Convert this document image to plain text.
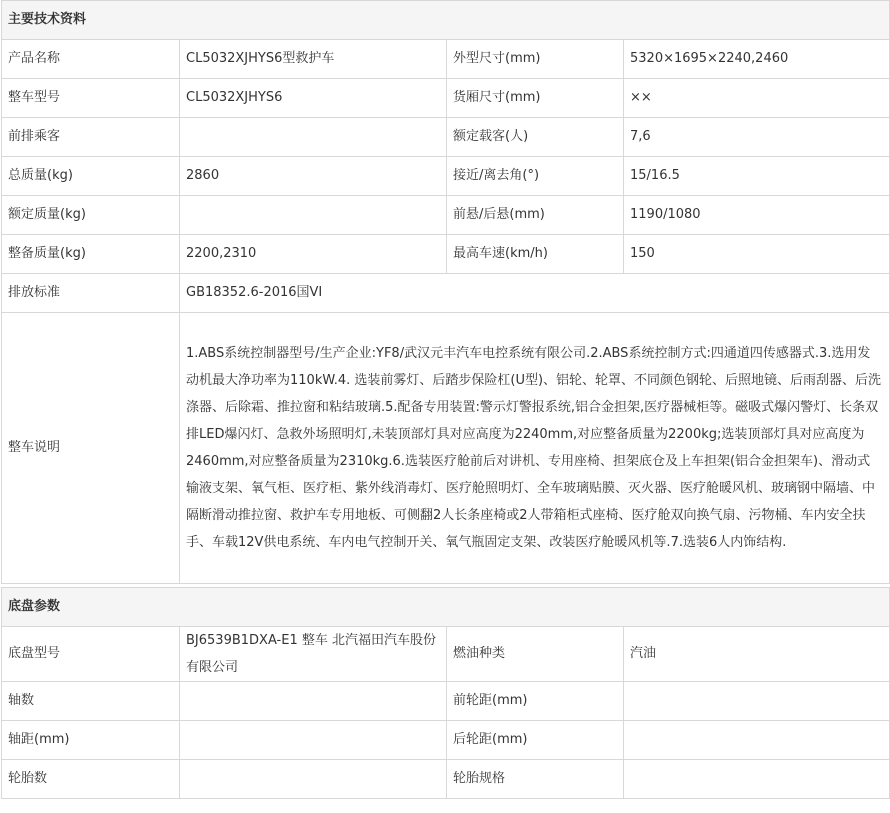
主要技术资料			
产品名称	CL5032XJHYS6型救护车	外型尺寸(mm)	5320×1695×2240,2460
整车型号	CL5032XJHYS6	货厢尺寸(mm)	××
前排乘客		额定载客(人)	7,6
总质量(kg)	2860	接近/离去角(°)	15/16.5
额定质量(kg)		前悬/后悬(mm)	1190/1080
整备质量(kg)	2200,2310	最高车速(km/h)	150
排放标准	GB18352.6-2016国VI		
整车说明	1.ABS系统控制器型号/生产企业:YF8/武汉元丰汽车电控系统有限公司.2.ABS系统控制方式:四通道四传感器式.3.选用发动机最大净功率为110kW.4. 选装前雾灯、后踏步保险杠(U型)、铝轮、轮罩、不同颜色钢轮、后照地镜、后雨刮器、后洗涤器、后除霜、推拉窗和粘结玻璃.5.配备专用装置:警示灯警报系统,铝合金担架,医疗器械柜等。磁吸式爆闪警灯、长条双排LED爆闪灯、急救外场照明灯,未装顶部灯具对应高度为2240mm,对应整备质量为2200kg;选装顶部灯具对应高度为2460mm,对应整备质量为2310kg.6.选装医疗舱前后对讲机、专用座椅、担架底仓及上车担架(铝合金担架车)、滑动式输液支架、氧气柜、医疗柜、紫外线消毒灯、医疗舱照明灯、全车玻璃贴膜、灭火器、医疗舱暖风机、玻璃钢中隔墙、中隔断滑动推拉窗、救护车专用地板、可侧翻2人长条座椅或2人带箱柜式座椅、医疗舱双向换气扇、污物桶、车内安全扶手、车载12V供电系统、车内电气控制开关、氧气瓶固定支架、改装医疗舱暖风机等.7.选装6人内饰结构.		
底盘参数			
底盘型号	BJ6539B1DXA-E1 整车 北汽福田汽车股份有限公司	燃油种类	汽油
轴数		前轮距(mm)	
轴距(mm)		后轮距(mm)	
轮胎数		轮胎规格	
